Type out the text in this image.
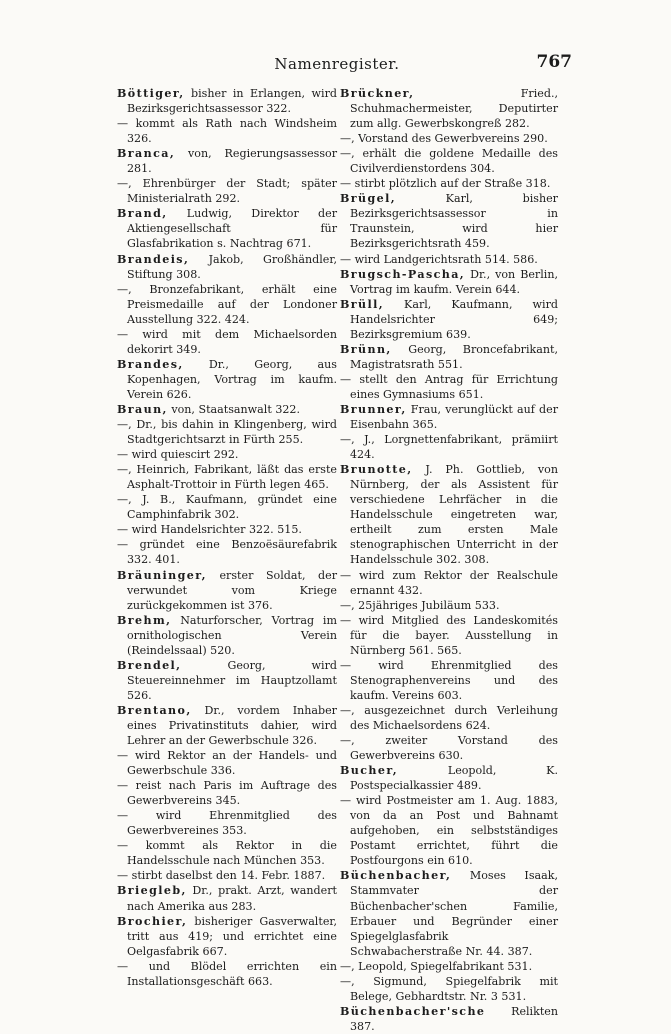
Namenregister.	767

Böttiger, bisher in Erlangen, wird Bezirksgerichtsassessor 322.

— kommt als Rath nach Windsheim 326.

Branca, von, Regierungsassessor 281.

—, Ehrenbürger der Stadt; später Ministerialrath 292.

Brand, Ludwig, Direktor der Aktiengesellschaft für Glasfabrikation s. Nachtrag 671.

Brandeis, Jakob, Großhändler, Stiftung 308.

—, Bronzefabrikant, erhält eine Preismedaille auf der Londoner Ausstellung 322. 424.

— wird mit dem Michaelsorden dekorirt 349.

Brandes, Dr., Georg, aus Kopenhagen, Vortrag im kaufm. Verein 626.

Braun, von, Staatsanwalt 322.

—, Dr., bis dahin in Klingenberg, wird Stadtgerichtsarzt in Fürth 255.

— wird quiescirt 292.

—, Heinrich, Fabrikant, läßt das erste Asphalt-Trottoir in Fürth legen 465.

—, J. B., Kaufmann, gründet eine Camphinfabrik 302.

— wird Handelsrichter 322. 515.

— gründet eine Benzoësäurefabrik 332. 401.

Bräuninger, erster Soldat, der verwundet vom Kriege zurückgekommen ist 376.

Brehm, Naturforscher, Vortrag im ornithologischen Verein (Reindelssaal) 520.

Brendel, Georg, wird Steuereinnehmer im Hauptzollamt 526.

Brentano, Dr., vordem Inhaber eines Privatinstituts dahier, wird Lehrer an der Gewerbschule 326.

— wird Rektor an der Handels- und Gewerbschule 336.

— reist nach Paris im Auftrage des Gewerbvereins 345.

— wird Ehrenmitglied des Gewerbvereines 353.

— kommt als Rektor in die Handelsschule nach München 353.

— stirbt daselbst den 14. Febr. 1887.

Briegleb, Dr., prakt. Arzt, wandert nach Amerika aus 283.

Brochier, bisheriger Gasverwalter, tritt aus 419; und errichtet eine Oelgasfabrik 667.

— und Blödel errichten ein Installationsgeschäft 663.

Brückner, Fried., Schuhmachermeister, Deputirter zum allg. Gewerbskongreß 282.

—, Vorstand des Gewerbvereins 290.

—, erhält die goldene Medaille des Civilverdienstordens 304.

— stirbt plötzlich auf der Straße 318.

Brügel, Karl, bisher Bezirksgerichtsassessor in Traunstein, wird hier Bezirksgerichtsrath 459.

— wird Landgerichtsrath 514. 586.

Brugsch-Pascha, Dr., von Berlin, Vortrag im kaufm. Verein 644.

Brüll, Karl, Kaufmann, wird Handelsrichter 649; Bezirksgremium 639.

Brünn, Georg, Broncefabrikant, Magistratsrath 551.

— stellt den Antrag für Errichtung eines Gymnasiums 651.

Brunner, Frau, verunglückt auf der Eisenbahn 365.

—, J., Lorgnettenfabrikant, prämiirt 424.

Brunotte, J. Ph. Gottlieb, von Nürnberg, der als Assistent für verschiedene Lehrfächer in die Handelsschule eingetreten war, ertheilt zum ersten Male stenographischen Unterricht in der Handelsschule 302. 308.

— wird zum Rektor der Realschule ernannt 432.

—, 25jähriges Jubiläum 533.

— wird Mitglied des Landeskomités für die bayer. Ausstellung in Nürnberg 561. 565.

— wird Ehrenmitglied des Stenographenvereins und des kaufm. Vereins 603.

—, ausgezeichnet durch Verleihung des Michaelsordens 624.

—, zweiter Vorstand des Gewerbvereins 630.

Bucher, Leopold, K. Postspecialkassier 489.

— wird Postmeister am 1. Aug. 1883, von da an Post und Bahnamt aufgehoben, ein selbstständiges Postamt errichtet, führt die Postfourgons ein 610.

Büchenbacher, Moses Isaak, Stammvater der Büchenbacher'schen Familie, Erbauer und Begründer einer Spiegelglasfabrik Schwabacherstraße Nr. 44. 387.

—, Leopold, Spiegelfabrikant 531.

—, Sigmund, Spiegelfabrik mit Belege, Gebhardtstr. Nr. 3 531.

Büchenbacher'sche Relikten 387.
